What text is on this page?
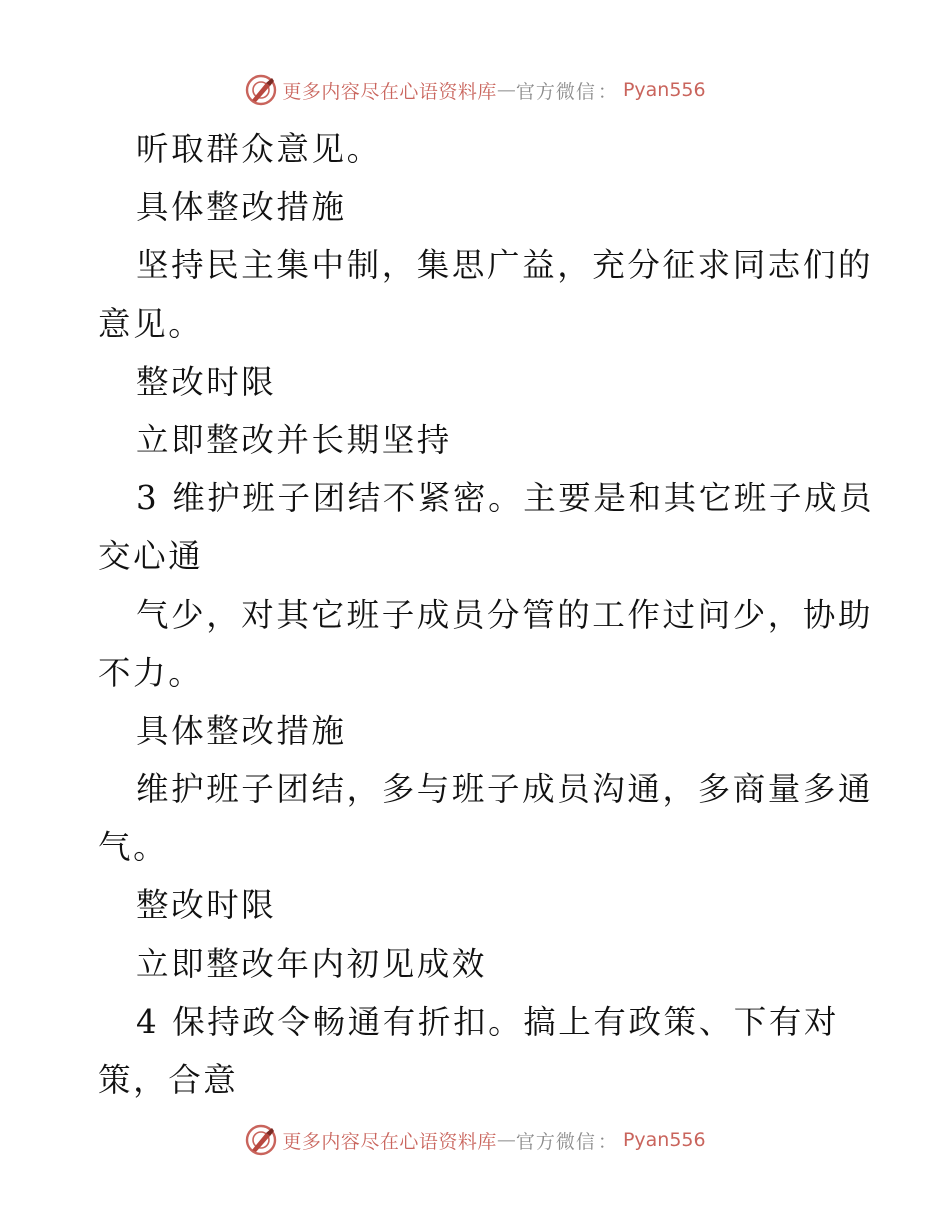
更多内容尽在心语资料库 — 官方微信 ： Pyan556
听取群众意见。
具体整改措施
坚持民主集中制，集思广益，充分征求同志们的
意见。
整改时限
立即整改并长期坚持
3 维护班子团结不紧密。主要是和其它班子成员
交心通
气少，对其它班子成员分管的工作过问少，协助
不力。
具体整改措施
维护班子团结，多与班子成员沟通，多商量多通
气。
整改时限
立即整改年内初见成效
4 保持政令畅通有折扣。搞上有政策、下有对
策，合意
更多内容尽在心语资料库 — 官方微信 ： Pyan556
